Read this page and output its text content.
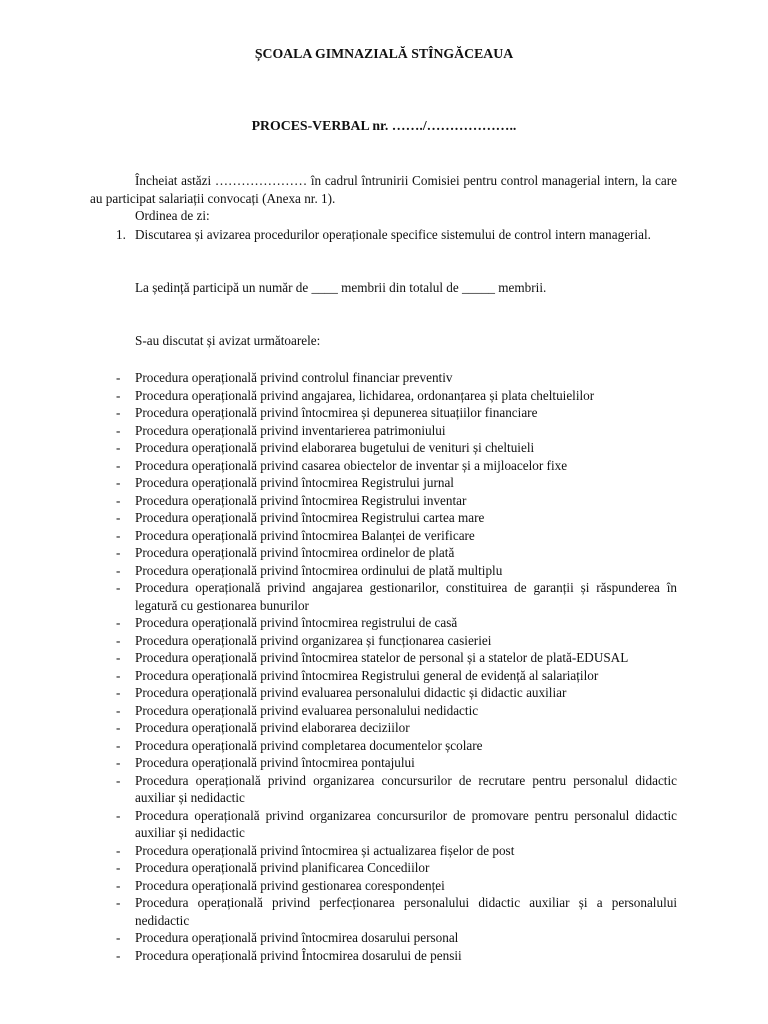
ȘCOALA GIMNAZIALĂ STÎNGĂCEAUA
PROCES-VERBAL nr. ……./………………..
Încheiat astăzi ………………… în cadrul întrunirii Comisiei pentru control managerial intern, la care au participat salariații convocați (Anexa nr. 1).
Ordinea de zi:
1. Discutarea și avizarea procedurilor operaționale specifice sistemului de control intern managerial.
La ședință participă un număr de ____ membrii din totalul de _____ membrii.
S-au discutat și avizat următoarele:
- Procedura operațională privind controlul financiar preventiv
- Procedura operațională privind angajarea, lichidarea, ordonanțarea și plata cheltuielilor
- Procedura operațională privind întocmirea și depunerea situațiilor financiare
- Procedura operațională privind inventarierea patrimoniului
- Procedura operațională privind elaborarea bugetului de venituri și cheltuieli
- Procedura operațională privind casarea obiectelor de inventar și a mijloacelor fixe
- Procedura operațională privind întocmirea Registrului jurnal
- Procedura operațională privind întocmirea Registrului inventar
- Procedura operațională privind întocmirea Registrului cartea mare
- Procedura operațională privind întocmirea Balanței de verificare
- Procedura operațională privind întocmirea ordinelor de plată
- Procedura operațională privind întocmirea ordinului de plată multiplu
- Procedura operațională privind angajarea gestionarilor, constituirea de garanții și răspunderea în legatură cu gestionarea bunurilor
- Procedura operațională privind întocmirea registrului de casă
- Procedura operațională privind organizarea și funcționarea casieriei
- Procedura operațională privind întocmirea statelor de personal și a statelor de plată-EDUSAL
- Procedura operațională privind întocmirea Registrului general de evidență al salariaților
- Procedura operațională privind evaluarea personalului didactic și didactic auxiliar
- Procedura operațională privind evaluarea personalului nedidactic
- Procedura operațională privind elaborarea deciziilor
- Procedura operațională privind completarea documentelor școlare
- Procedura operațională privind întocmirea pontajului
- Procedura operațională privind organizarea concursurilor de recrutare pentru personalul didactic auxiliar și nedidactic
- Procedura operațională privind organizarea concursurilor de promovare pentru personalul didactic auxiliar și nedidactic
- Procedura operațională privind întocmirea și actualizarea fișelor de post
- Procedura operațională privind planificarea Concediilor
- Procedura operațională privind gestionarea corespondenței
- Procedura operațională privind perfecționarea personalului didactic auxiliar și a personalului nedidactic
- Procedura operațională privind întocmirea dosarului personal
- Procedura operațională privind Întocmirea dosarului de pensii
